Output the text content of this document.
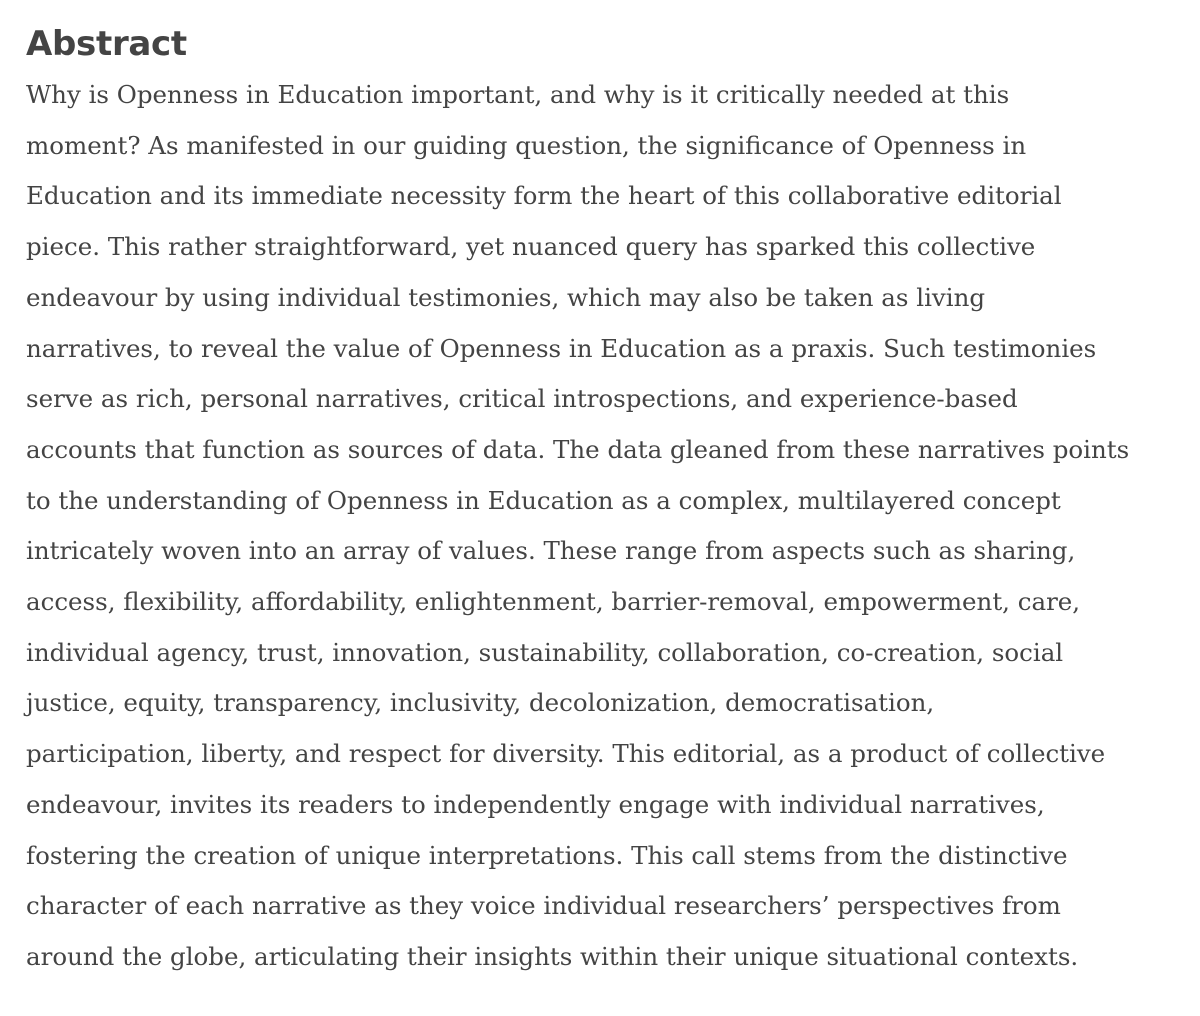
Abstract

Why is Openness in Education important, and why is it critically needed at this
moment? As manifested in our guiding question, the significance of Openness in
Education and its immediate necessity form the heart of this collaborative editorial
piece. This rather straightforward, yet nuanced query has sparked this collective
endeavour by using individual testimonies, which may also be taken as living
narratives, to reveal the value of Openness in Education as a praxis. Such testimonies
serve as rich, personal narratives, critical introspections, and experience-based
accounts that function as sources of data. The data gleaned from these narratives points
to the understanding of Openness in Education as a complex, multilayered concept
intricately woven into an array of values. These range from aspects such as sharing,
access, flexibility, affordability, enlightenment, barrier-removal, empowerment, care,
individual agency, trust, innovation, sustainability, collaboration, co-creation, social
justice, equity, transparency, inclusivity, decolonization, democratisation,
participation, liberty, and respect for diversity. This editorial, as a product of collective
endeavour, invites its readers to independently engage with individual narratives,
fostering the creation of unique interpretations. This call stems from the distinctive
character of each narrative as they voice individual researchers’ perspectives from
around the globe, articulating their insights within their unique situational contexts.
